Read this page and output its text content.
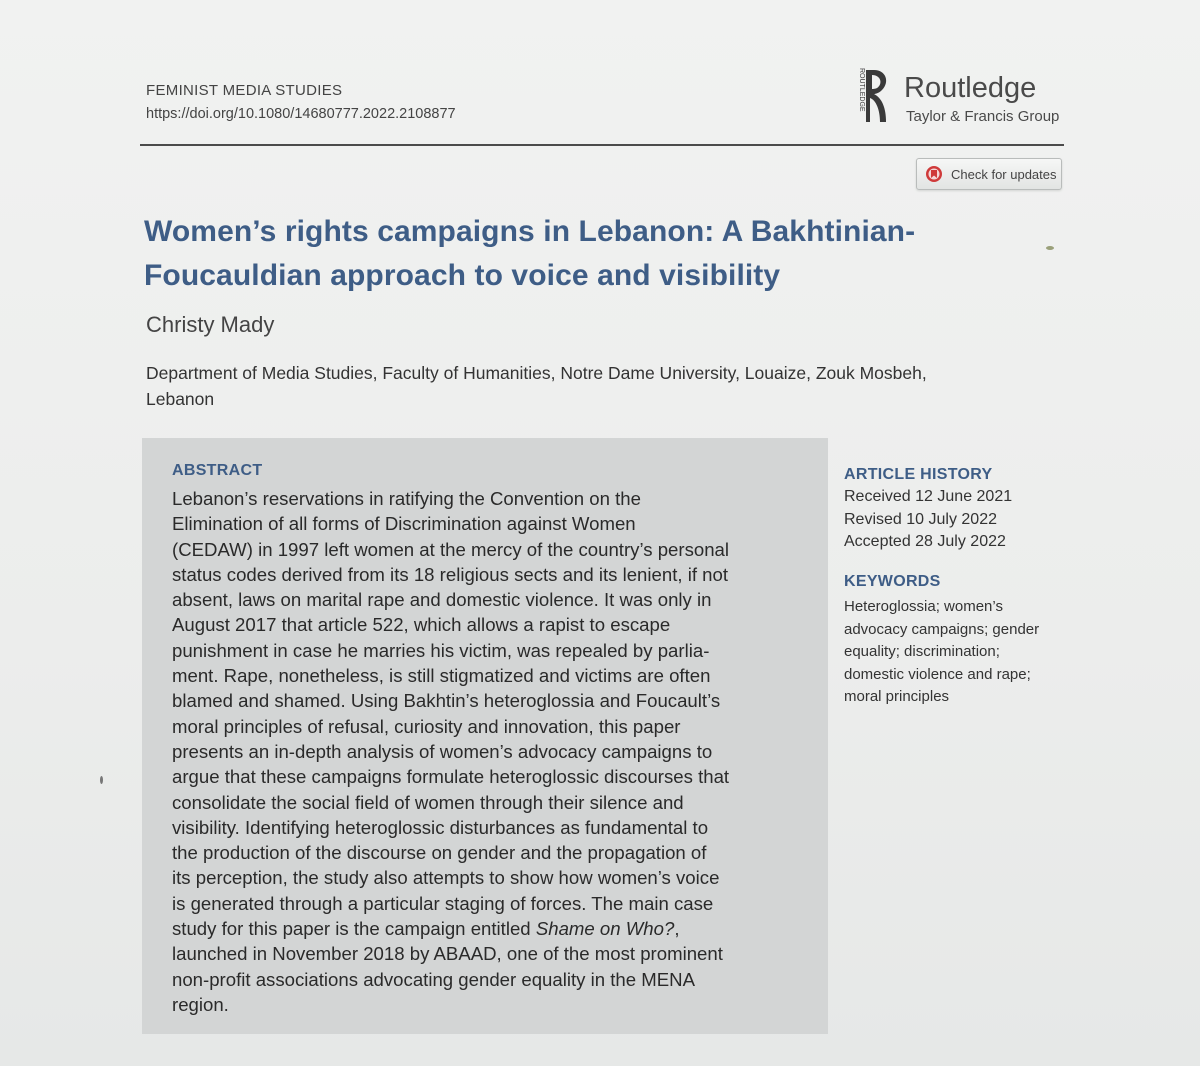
FEMINIST MEDIA STUDIES
https://doi.org/10.1080/14680777.2022.2108877
ROUTLEDGE Routledge
Taylor & Francis Group
Check for updates
Women’s rights campaigns in Lebanon: A Bakhtinian-
Foucauldian approach to voice and visibility
Christy Mady
Department of Media Studies, Faculty of Humanities, Notre Dame University, Louaize, Zouk Mosbeh,
Lebanon
ABSTRACT
Lebanon’s reservations in ratifying the Convention on the
Elimination of all forms of Discrimination against Women
(CEDAW) in 1997 left women at the mercy of the country’s personal
status codes derived from its 18 religious sects and its lenient, if not
absent, laws on marital rape and domestic violence. It was only in
August 2017 that article 522, which allows a rapist to escape
punishment in case he marries his victim, was repealed by parlia-
ment. Rape, nonetheless, is still stigmatized and victims are often
blamed and shamed. Using Bakhtin’s heteroglossia and Foucault’s
moral principles of refusal, curiosity and innovation, this paper
presents an in-depth analysis of women’s advocacy campaigns to
argue that these campaigns formulate heteroglossic discourses that
consolidate the social field of women through their silence and
visibility. Identifying heteroglossic disturbances as fundamental to
the production of the discourse on gender and the propagation of
its perception, the study also attempts to show how women’s voice
is generated through a particular staging of forces. The main case
study for this paper is the campaign entitled Shame on Who?,
launched in November 2018 by ABAAD, one of the most prominent
non-profit associations advocating gender equality in the MENA
region.
ARTICLE HISTORY
Received 12 June 2021
Revised 10 July 2022
Accepted 28 July 2022
KEYWORDS
Heteroglossia; women’s
advocacy campaigns; gender
equality; discrimination;
domestic violence and rape;
moral principles
